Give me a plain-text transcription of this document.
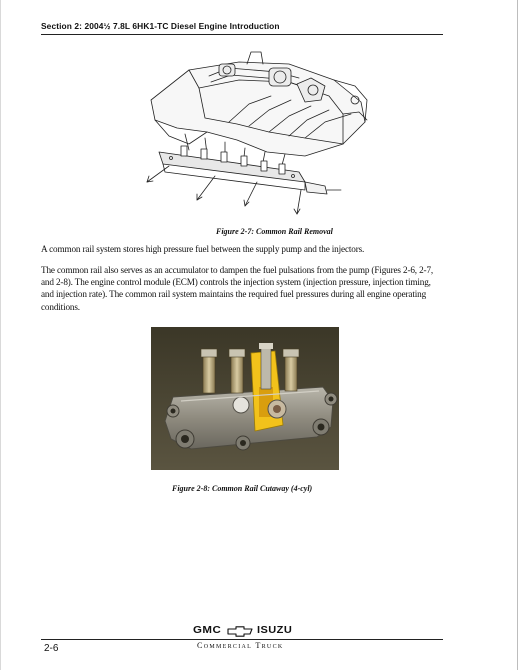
Section 2: 2004½ 7.8L 6HK1-TC Diesel Engine Introduction
Figure 2-7: Common Rail Removal
A common rail system stores high pressure fuel between the supply pump and the injectors.
The common rail also serves as an accumulator to dampen the fuel pulsations from the pump (Figures 2-6, 2-7, and 2-8). The engine control module (ECM) controls the injection system (injection pressure, injection timing, and injection rate). The common rail system maintains the required fuel pressures during all engine operating conditions.
Figure 2-8: Common Rail Cutaway (4-cyl)
GMC	ISUZU
Commercial Truck
2-6
